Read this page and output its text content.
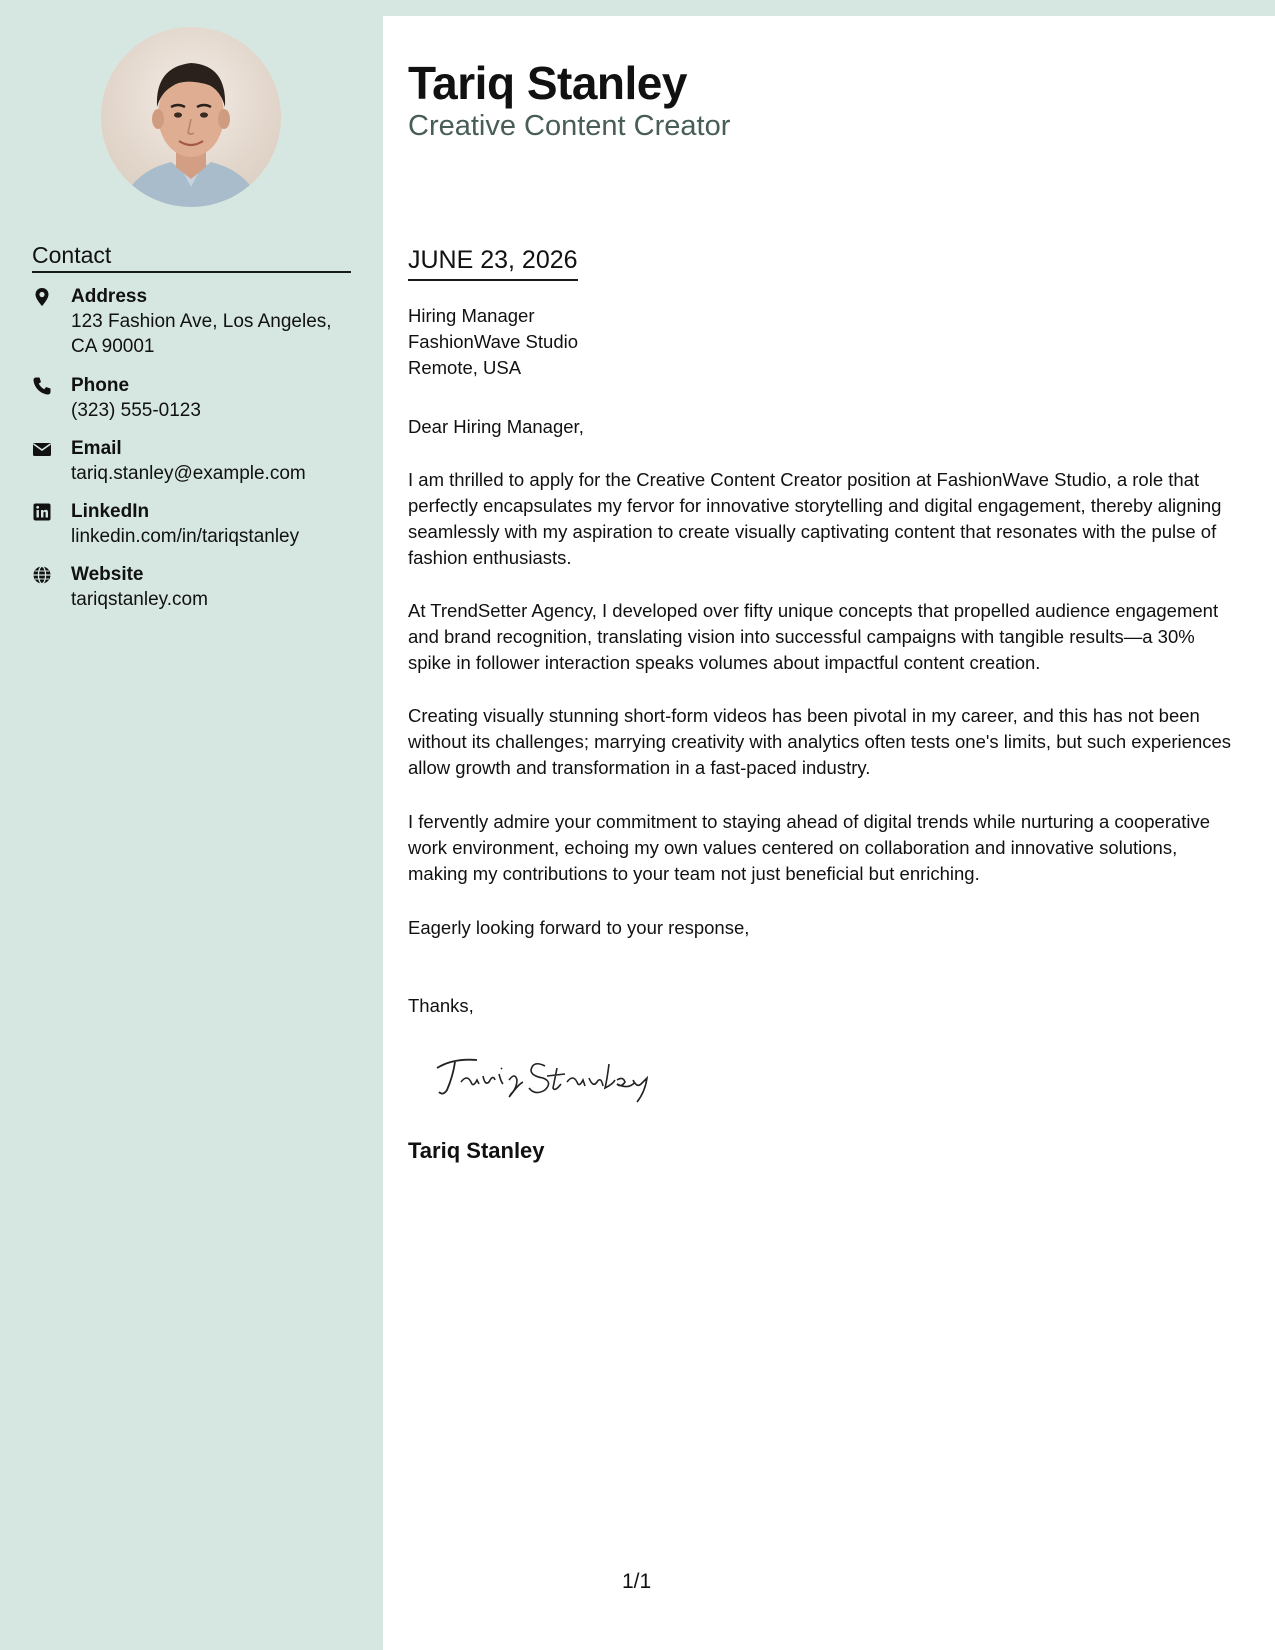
Contact
Address
123 Fashion Ave, Los Angeles, CA 90001
Phone
(323) 555-0123
Email
tariq.stanley@example.com
LinkedIn
linkedin.com/in/tariqstanley
Website
tariqstanley.com
Tariq Stanley
Creative Content Creator
JUNE 23, 2026
Hiring Manager
FashionWave Studio
Remote, USA
Dear Hiring Manager,
I am thrilled to apply for the Creative Content Creator position at FashionWave Studio, a role that perfectly encapsulates my fervor for innovative storytelling and digital engagement, thereby aligning seamlessly with my aspiration to create visually captivating content that resonates with the pulse of fashion enthusiasts.
At TrendSetter Agency, I developed over fifty unique concepts that propelled audience engagement and brand recognition, translating vision into successful campaigns with tangible results—a 30% spike in follower interaction speaks volumes about impactful content creation.
Creating visually stunning short-form videos has been pivotal in my career, and this has not been without its challenges; marrying creativity with analytics often tests one's limits, but such experiences allow growth and transformation in a fast-paced industry.
I fervently admire your commitment to staying ahead of digital trends while nurturing a cooperative work environment, echoing my own values centered on collaboration and innovative solutions, making my contributions to your team not just beneficial but enriching.
Eagerly looking forward to your response,
Thanks,
Tariq Stanley
1/1
